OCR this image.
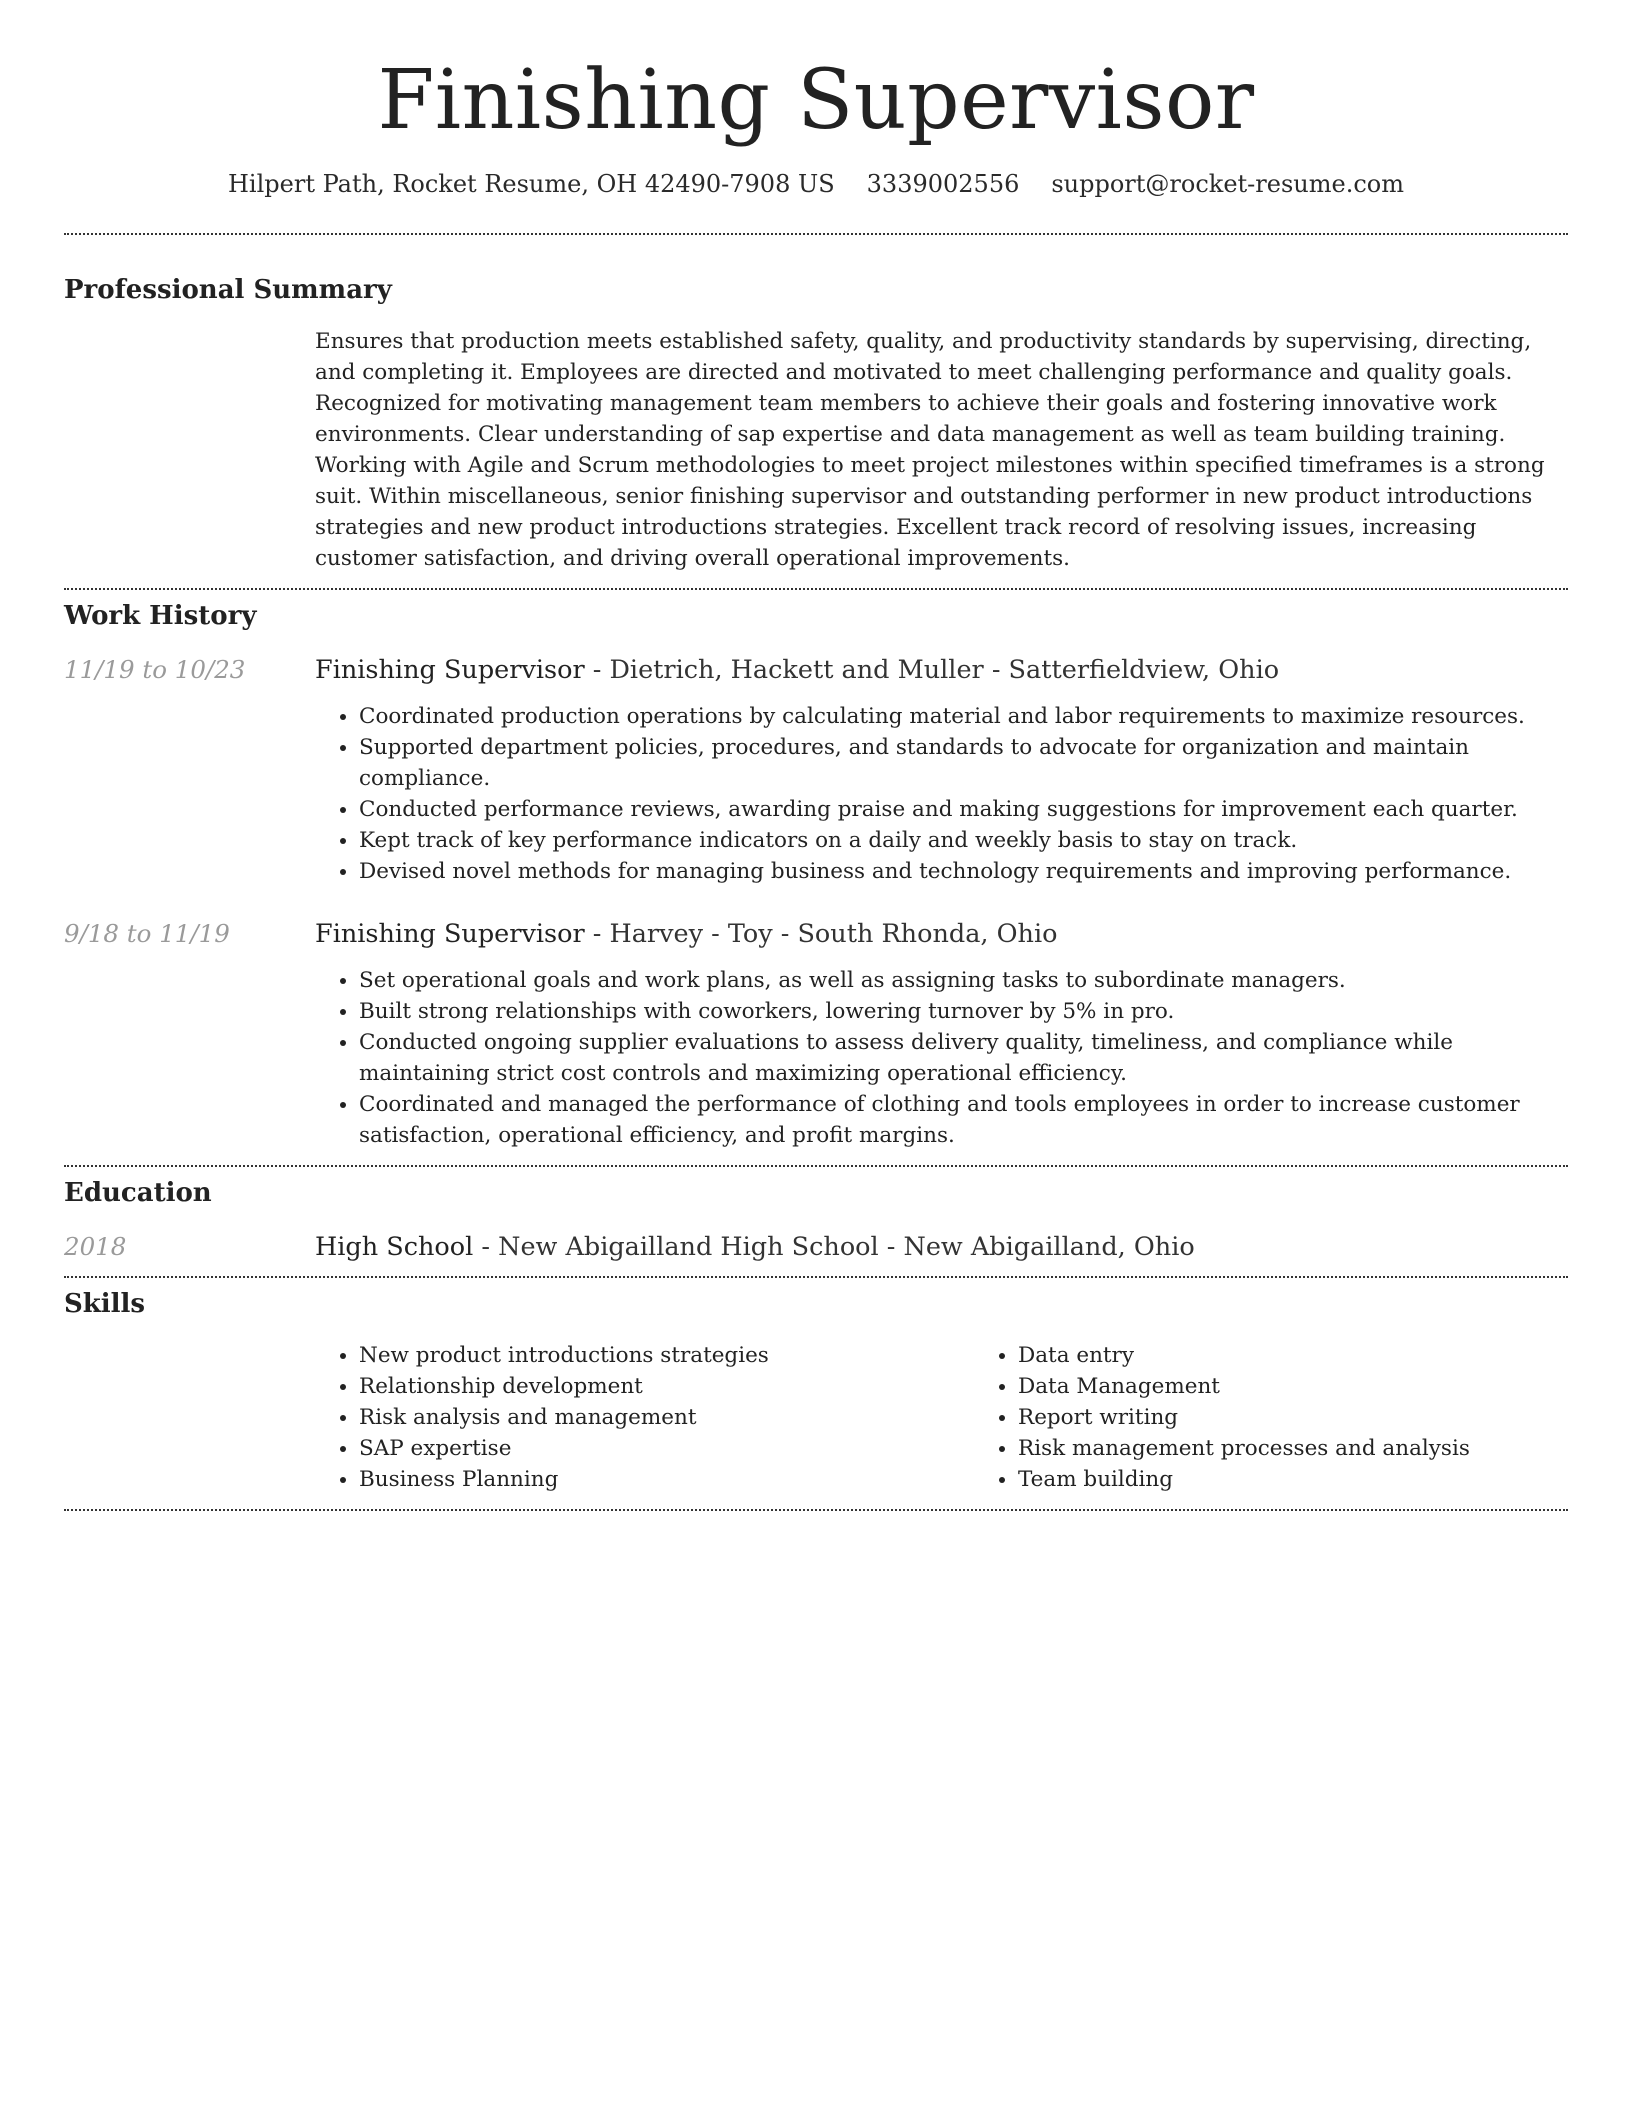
Finishing Supervisor
Hilpert Path, Rocket Resume, OH 42490-7908 US 3339002556 support@rocket-resume.com
Professional Summary
Ensures that production meets established safety, quality, and productivity standards by supervising, directing, and completing it. Employees are directed and motivated to meet challenging performance and quality goals. Recognized for motivating management team members to achieve their goals and fostering innovative work environments. Clear understanding of sap expertise and data management as well as team building training. Working with Agile and Scrum methodologies to meet project milestones within specified timeframes is a strong suit. Within miscellaneous, senior finishing supervisor and outstanding performer in new product introductions strategies and new product introductions strategies. Excellent track record of resolving issues, increasing customer satisfaction, and driving overall operational improvements.
Work History
11/19 to 10/23	Finishing Supervisor - Dietrich, Hackett and Muller - Satterfieldview, Ohio
• Coordinated production operations by calculating material and labor requirements to maximize resources.
• Supported department policies, procedures, and standards to advocate for organization and maintain compliance.
• Conducted performance reviews, awarding praise and making suggestions for improvement each quarter.
• Kept track of key performance indicators on a daily and weekly basis to stay on track.
• Devised novel methods for managing business and technology requirements and improving performance.
9/18 to 11/19	Finishing Supervisor - Harvey - Toy - South Rhonda, Ohio
• Set operational goals and work plans, as well as assigning tasks to subordinate managers.
• Built strong relationships with coworkers, lowering turnover by 5% in pro.
• Conducted ongoing supplier evaluations to assess delivery quality, timeliness, and compliance while maintaining strict cost controls and maximizing operational efficiency.
• Coordinated and managed the performance of clothing and tools employees in order to increase customer satisfaction, operational efficiency, and profit margins.
Education
2018	High School - New Abigailland High School - New Abigailland, Ohio
Skills
• New product introductions strategies
• Relationship development
• Risk analysis and management
• SAP expertise
• Business Planning
• Data entry
• Data Management
• Report writing
• Risk management processes and analysis
• Team building
